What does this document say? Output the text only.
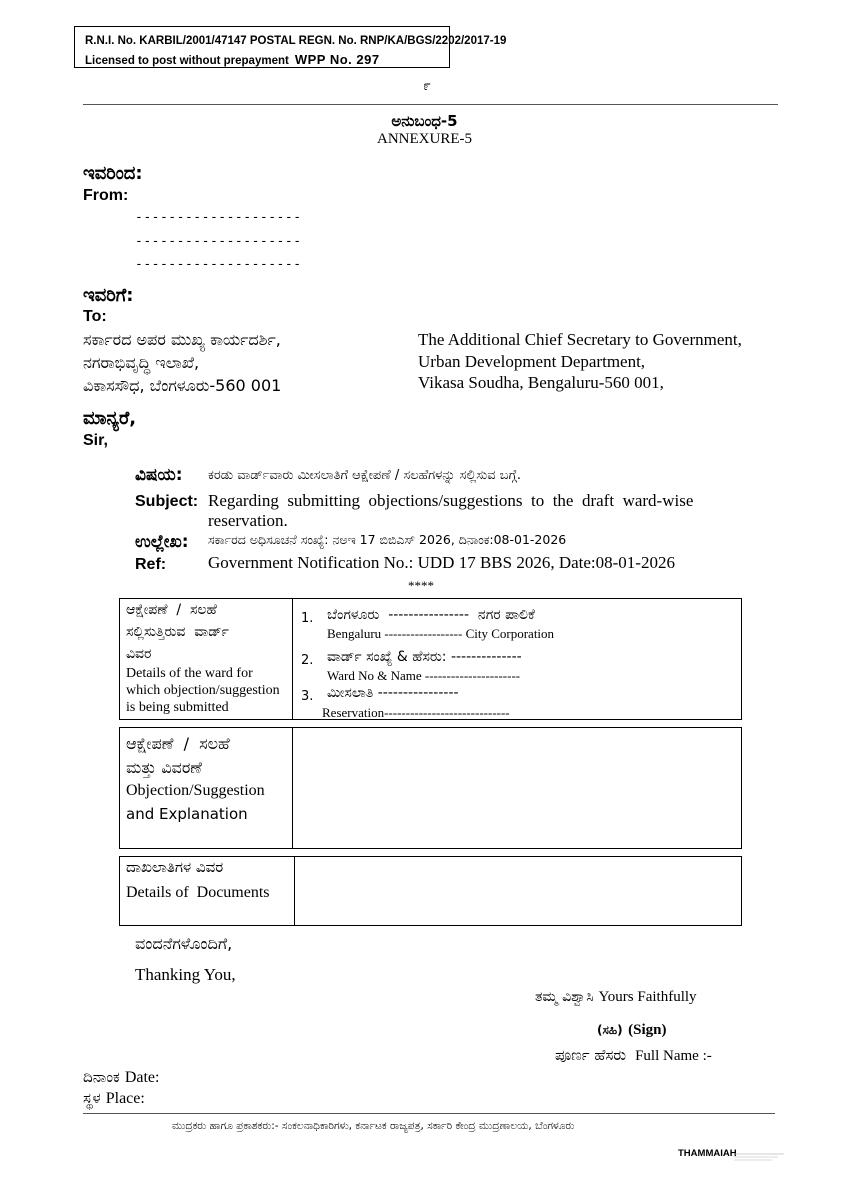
R.N.I. No. KARBIL/2001/47147 POSTAL REGN. No. RNP/KA/BGS/2202/2017-19
Licensed to post without prepayment WPP No. 297
೯
ಅನುಬಂಧ-5
ANNEXURE-5
ಇವರಿಂದ:
From:
--------------------
--------------------
--------------------
ಇವರಿಗೆ:
To:
ಸರ್ಕಾರದ ಅಪರ ಮುಖ್ಯ ಕಾರ್ಯದರ್ಶಿ,
ನಗರಾಭಿವೃದ್ಧಿ ಇಲಾಖೆ,
ವಿಕಾಸಸೌಧ, ಬೆಂಗಳೂರು-560 001
The Additional Chief Secretary to Government,
Urban Development Department,
Vikasa Soudha, Bengaluru-560 001,
ಮಾನ್ಯರೆ,
Sir,
ವಿಷಯ: ಕರಡು ವಾರ್ಡ್‌ವಾರು ಮೀಸಲಾತಿಗೆ ಆಕ್ಷೇಪಣೆ / ಸಲಹೆಗಳನ್ನು ಸಲ್ಲಿಸುವ ಬಗ್ಗೆ.
Subject: Regarding  submitting  objections/suggestions  to  the  draft  ward-wise
reservation.
ಉಲ್ಲೇಖ: ಸರ್ಕಾರದ ಅಧಿಸೂಚನೆ ಸಂಖ್ಯೆ: ನಅಇ 17 ಬಿಬಿಎಸ್ 2026, ದಿನಾಂಕ:08-01-2026
Ref: Government Notification No.: UDD 17 BBS 2026, Date:08-01-2026
****
ಆಕ್ಷೇಪಣೆ  /  ಸಲಹೆ
ಸಲ್ಲಿಸುತ್ತಿರುವ  ವಾರ್ಡ್
ವಿವರ
Details of the ward for
which objection/suggestion
is being submitted
1. ಬೆಂಗಳೂರು  ----------------  ನಗರ ಪಾಲಿಕೆ
Bengaluru ------------------ City Corporation
2. ವಾರ್ಡ್ ಸಂಖ್ಯೆ & ಹೆಸರು: --------------
Ward No & Name ----------------------
3. ಮೀಸಲಾತಿ ----------------
Reservation-----------------------------
ಆಕ್ಷೇಪಣೆ  /  ಸಲಹೆ
ಮತ್ತು ವಿವರಣೆ
Objection/Suggestion
and Explanation
ದಾಖಲಾತಿಗಳ ವಿವರ
Details of  Documents
ವಂದನೆಗಳೊಂದಿಗೆ,
Thanking You,
ತಮ್ಮ ವಿಶ್ವಾಸಿ Yours Faithfully
(ಸಹಿ) (Sign)
ಪೂರ್ಣ ಹೆಸರು Full Name :-
ದಿನಾಂಕ Date:
ಸ್ಥಳ Place:
ಮುದ್ರಕರು ಹಾಗೂ ಪ್ರಕಾಶಕರು:- ಸಂಕಲನಾಧಿಕಾರಿಗಳು, ಕರ್ನಾಟಕ ರಾಜ್ಯಪತ್ರ, ಸರ್ಕಾರಿ ಕೇಂದ್ರ ಮುದ್ರಣಾಲಯ, ಬೆಂಗಳೂರು
THAMMAIAH
